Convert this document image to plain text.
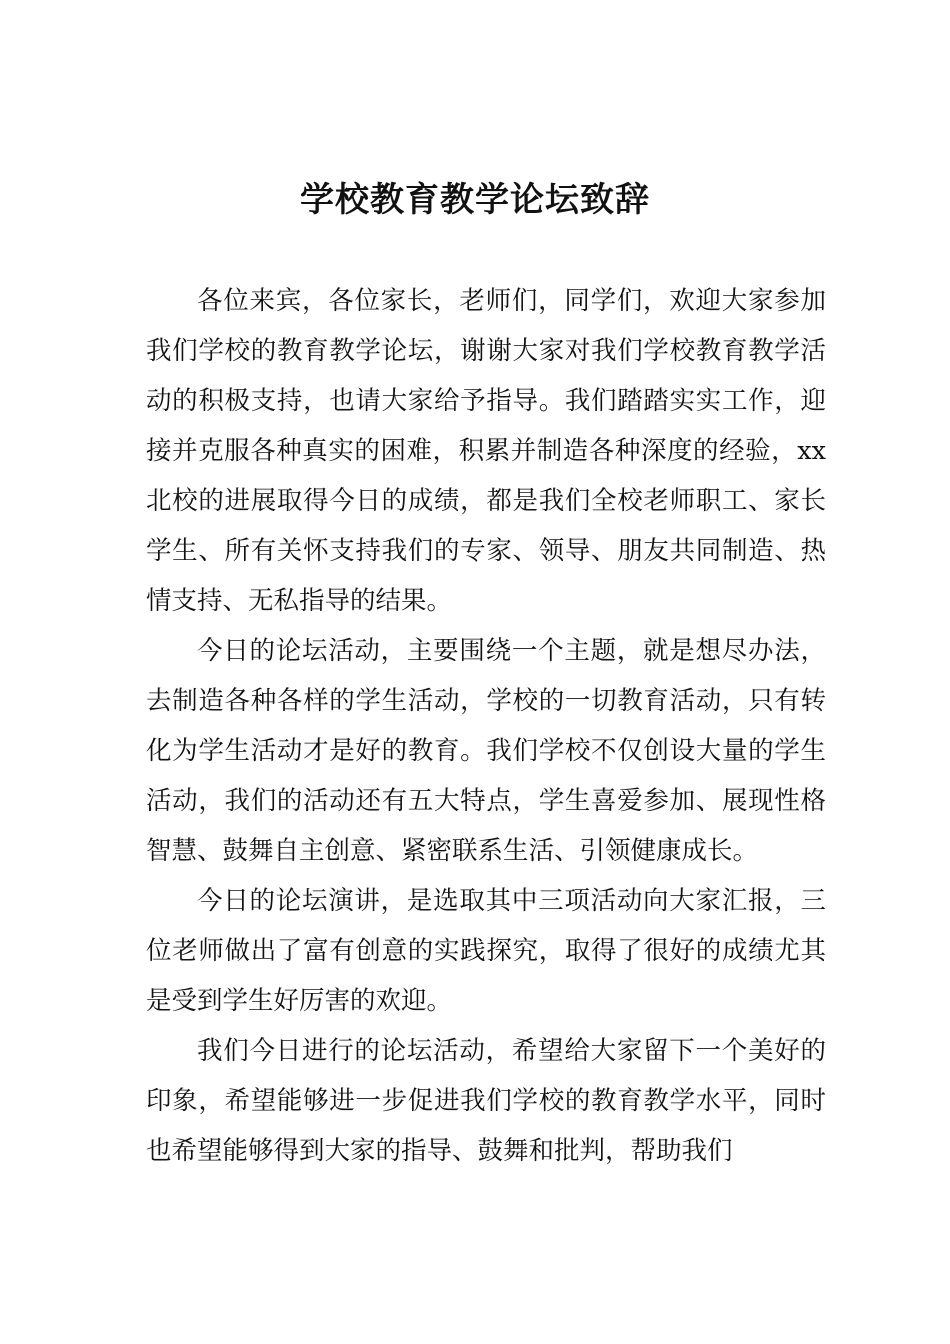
学校教育教学论坛致辞

各位来宾，各位家长，老师们，同学们，欢迎大家参加我们学校的教育教学论坛，谢谢大家对我们学校教育教学活动的积极支持，也请大家给予指导。我们踏踏实实工作，迎接并克服各种真实的困难，积累并制造各种深度的经验，xx北校的进展取得今日的成绩，都是我们全校老师职工、家长学生、所有关怀支持我们的专家、领导、朋友共同制造、热情支持、无私指导的结果。

今日的论坛活动，主要围绕一个主题，就是想尽办法，去制造各种各样的学生活动，学校的一切教育活动，只有转化为学生活动才是好的教育。我们学校不仅创设大量的学生活动，我们的活动还有五大特点，学生喜爱参加、展现性格智慧、鼓舞自主创意、紧密联系生活、引领健康成长。

今日的论坛演讲，是选取其中三项活动向大家汇报，三位老师做出了富有创意的实践探究，取得了很好的成绩尤其是受到学生好厉害的欢迎。

我们今日进行的论坛活动，希望给大家留下一个美好的印象，希望能够进一步促进我们学校的教育教学水平，同时也希望能够得到大家的指导、鼓舞和批判，帮助我们
